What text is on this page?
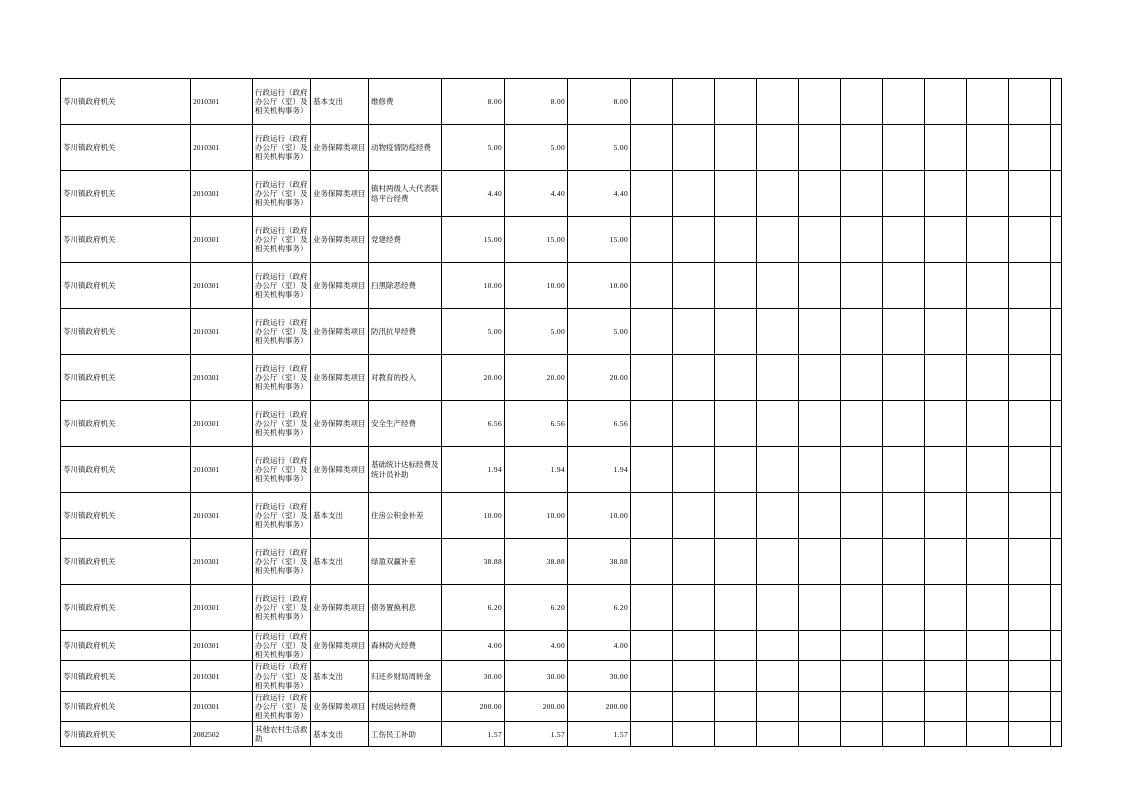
苓川镇政府机关	2010301	行政运行（政府办公厅（室）及相关机构事务）	基本支出	维修费	8.00	8.00	8.00											
苓川镇政府机关	2010301	行政运行（政府办公厅（室）及相关机构事务）	业务保障类项目	动物疫情防疫经费	5.00	5.00	5.00											
苓川镇政府机关	2010301	行政运行（政府办公厅（室）及相关机构事务）	业务保障类项目	镇村两级人大代表联络平台经费	4.40	4.40	4.40											
苓川镇政府机关	2010301	行政运行（政府办公厅（室）及相关机构事务）	业务保障类项目	党建经费	15.00	15.00	15.00											
苓川镇政府机关	2010301	行政运行（政府办公厅（室）及相关机构事务）	业务保障类项目	扫黑除恶经费	10.00	10.00	10.00											
苓川镇政府机关	2010301	行政运行（政府办公厅（室）及相关机构事务）	业务保障类项目	防汛抗旱经费	5.00	5.00	5.00											
苓川镇政府机关	2010301	行政运行（政府办公厅（室）及相关机构事务）	业务保障类项目	对教育的投入	20.00	20.00	20.00											
苓川镇政府机关	2010301	行政运行（政府办公厅（室）及相关机构事务）	业务保障类项目	安全生产经费	6.56	6.56	6.56											
苓川镇政府机关	2010301	行政运行（政府办公厅（室）及相关机构事务）	业务保障类项目	基础统计达标经费及统计员补助	1.94	1.94	1.94											
苓川镇政府机关	2010301	行政运行（政府办公厅（室）及相关机构事务）	基本支出	住房公积金补差	10.00	10.00	10.00											
苓川镇政府机关	2010301	行政运行（政府办公厅（室）及相关机构事务）	基本支出	绿盈双赢补差	38.88	38.88	38.88											
苓川镇政府机关	2010301	行政运行（政府办公厅（室）及相关机构事务）	业务保障类项目	债务置换利息	6.20	6.20	6.20											
苓川镇政府机关	2010301	行政运行（政府办公厅（室）及相关机构事务）	业务保障类项目	森林防火经费	4.00	4.00	4.00											
苓川镇政府机关	2010301	行政运行（政府办公厅（室）及相关机构事务）	基本支出	归还乡财局周转金	30.00	30.00	30.00											
苓川镇政府机关	2010301	行政运行（政府办公厅（室）及相关机构事务）	业务保障类项目	村级运转经费	200.00	200.00	200.00											
苓川镇政府机关	2082502	其他农村生活救助	基本支出	工伤民工补助	1.57	1.57	1.57											
